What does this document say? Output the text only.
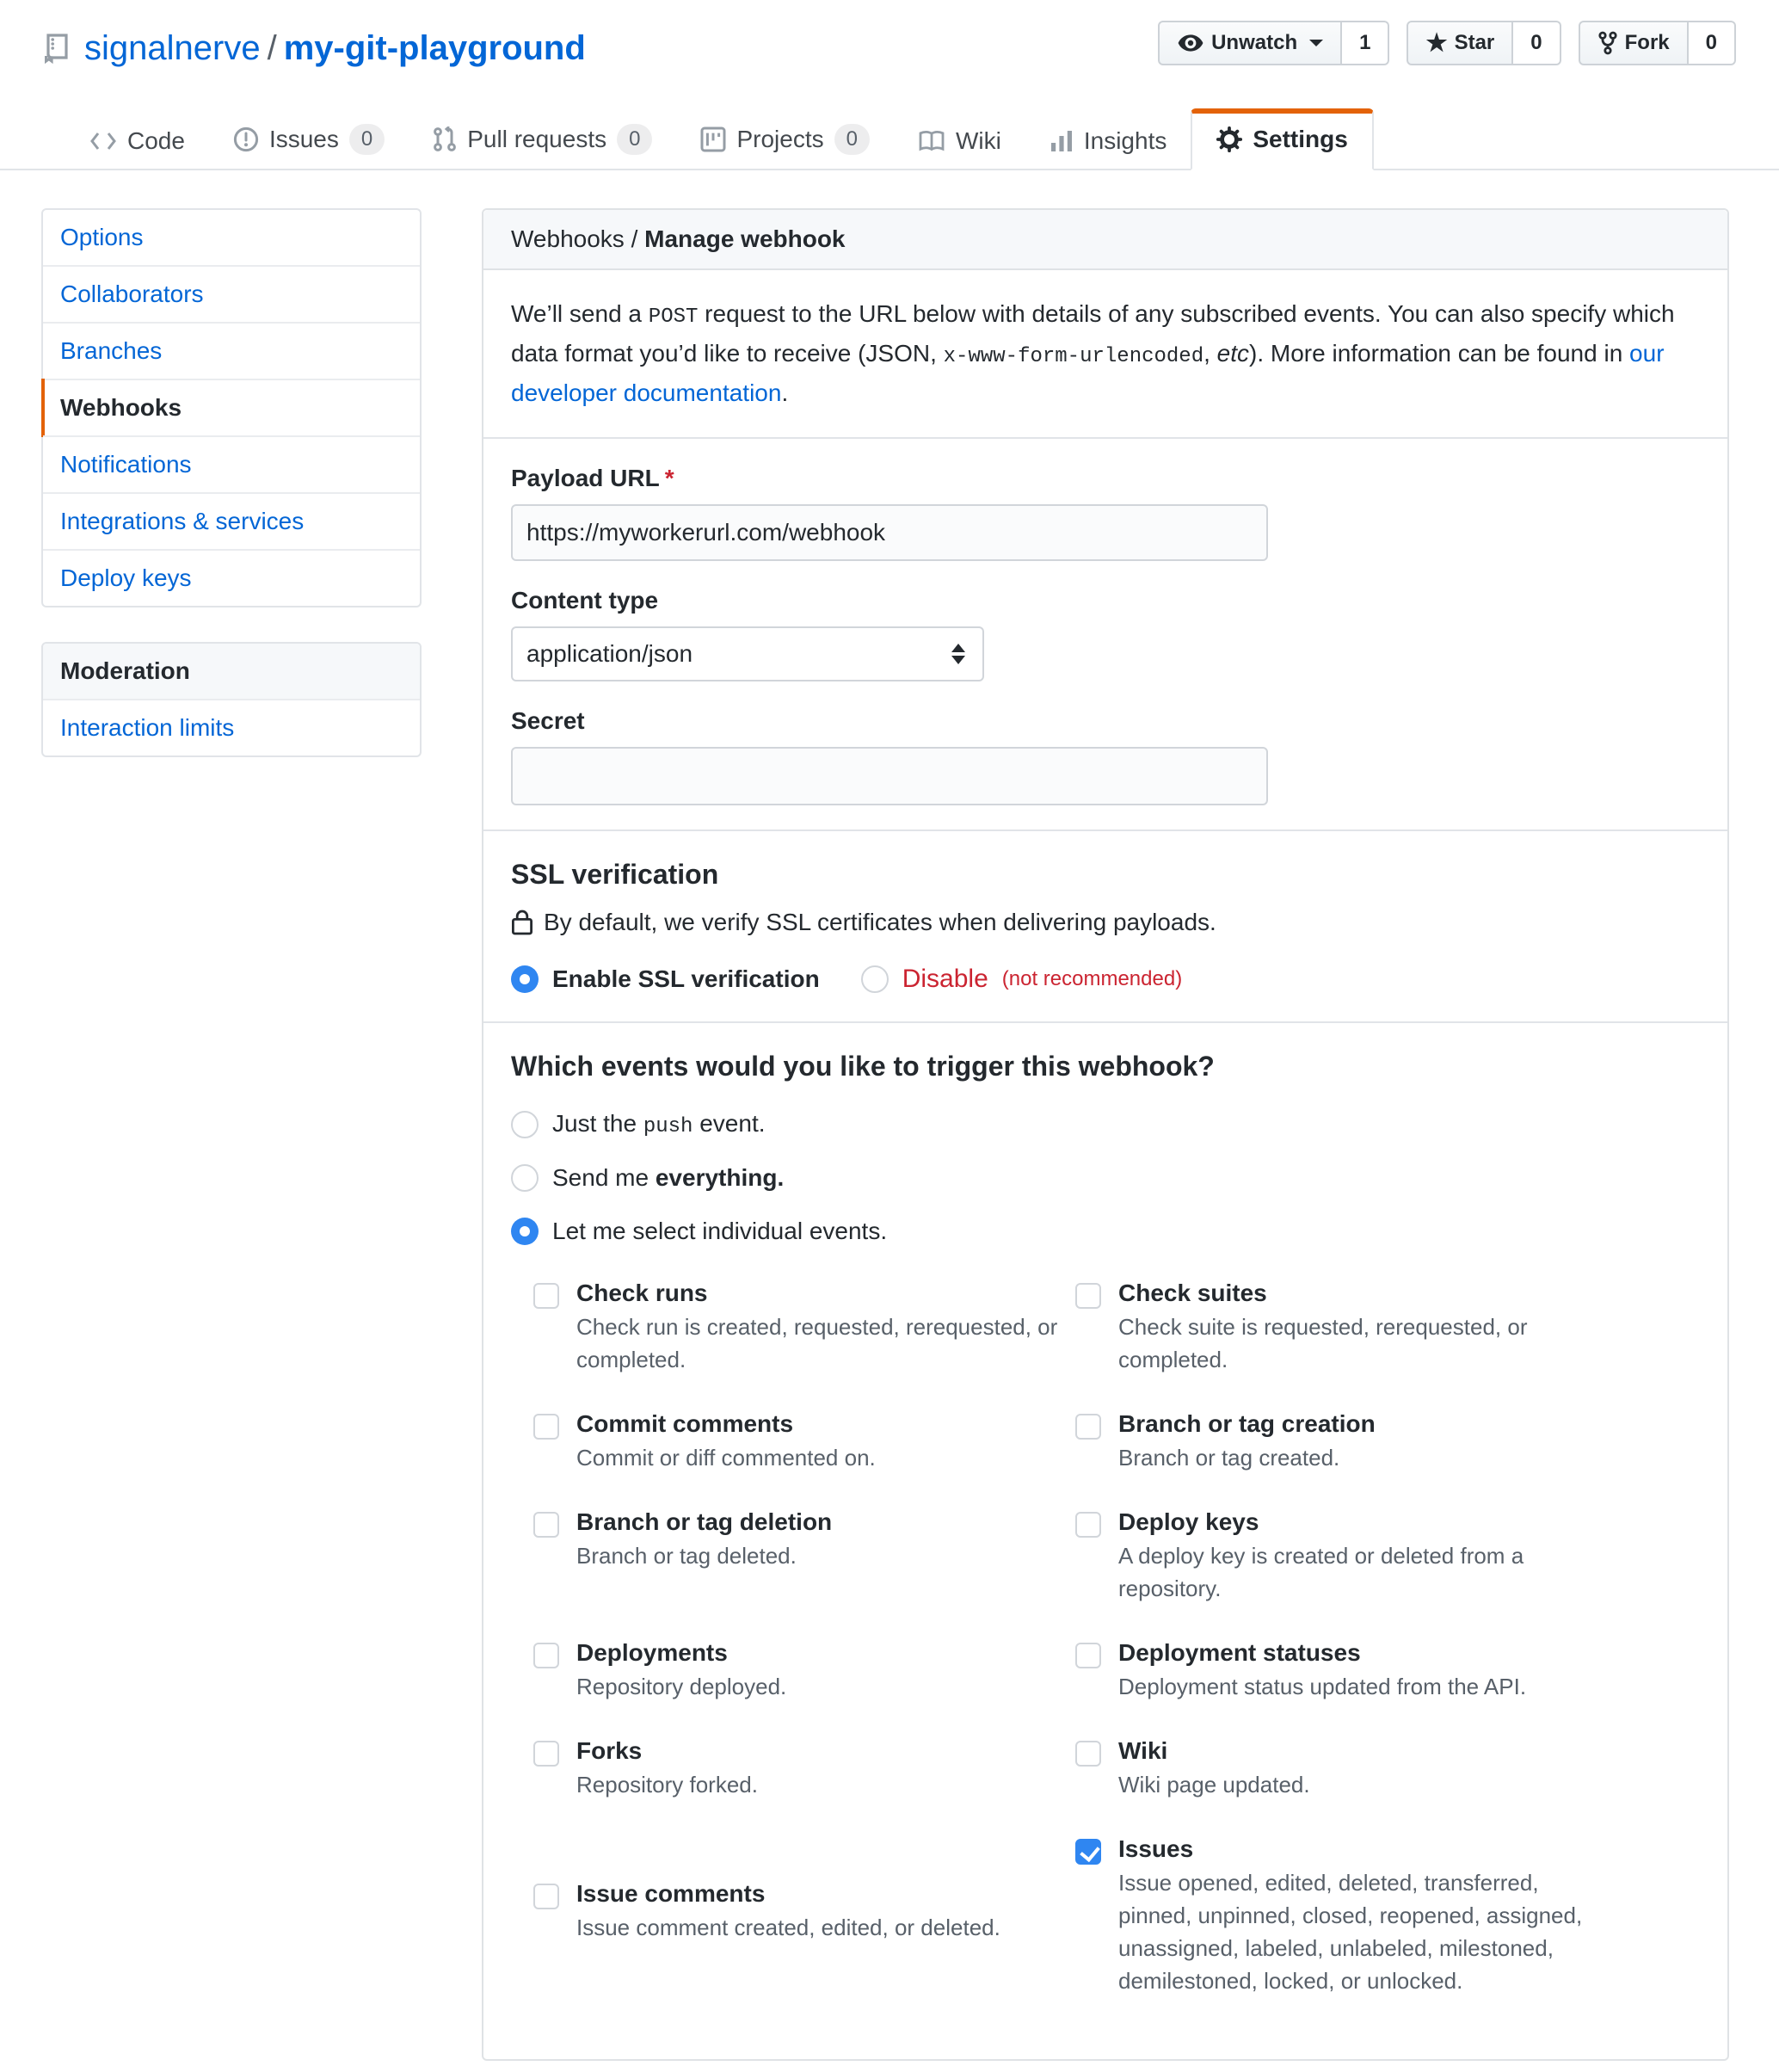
signalnerve / my-git-playground	Unwatch	1	★ Star	0	Fork	0
Code	Issues	0	Pull requests	0	Projects	0	Wiki	Insights	Settings
Options
Collaborators
Branches
Webhooks
Notifications
Integrations & services
Deploy keys
Moderation
Interaction limits
Webhooks / Manage webhook
We’ll send a POST request to the URL below with details of any subscribed events. You can also specify which data format you’d like to receive (JSON, x-www-form-urlencoded, etc). More information can be found in our developer documentation.
Payload URL *
https://myworkerurl.com/webhook
Content type
application/json
Secret
SSL verification

By default, we verify SSL certificates when delivering payloads.

Enable SSL verification	Disable (not recommended)
Which events would you like to trigger this webhook?
Just the push event.
Send me everything.
Let me select individual events.
Check runs
Check run is created, requested, rerequested, or completed.
Check suites
Check suite is requested, rerequested, or completed.
Commit comments
Commit or diff commented on.
Branch or tag creation
Branch or tag created.
Branch or tag deletion
Branch or tag deleted.
Deploy keys
A deploy key is created or deleted from a repository.
Deployments
Repository deployed.
Deployment statuses
Deployment status updated from the API.
Forks
Repository forked.
Wiki
Wiki page updated.
Issue comments
Issue comment created, edited, or deleted.
Issues
Issue opened, edited, deleted, transferred, pinned, unpinned, closed, reopened, assigned, unassigned, labeled, unlabeled, milestoned, demilestoned, locked, or unlocked.
